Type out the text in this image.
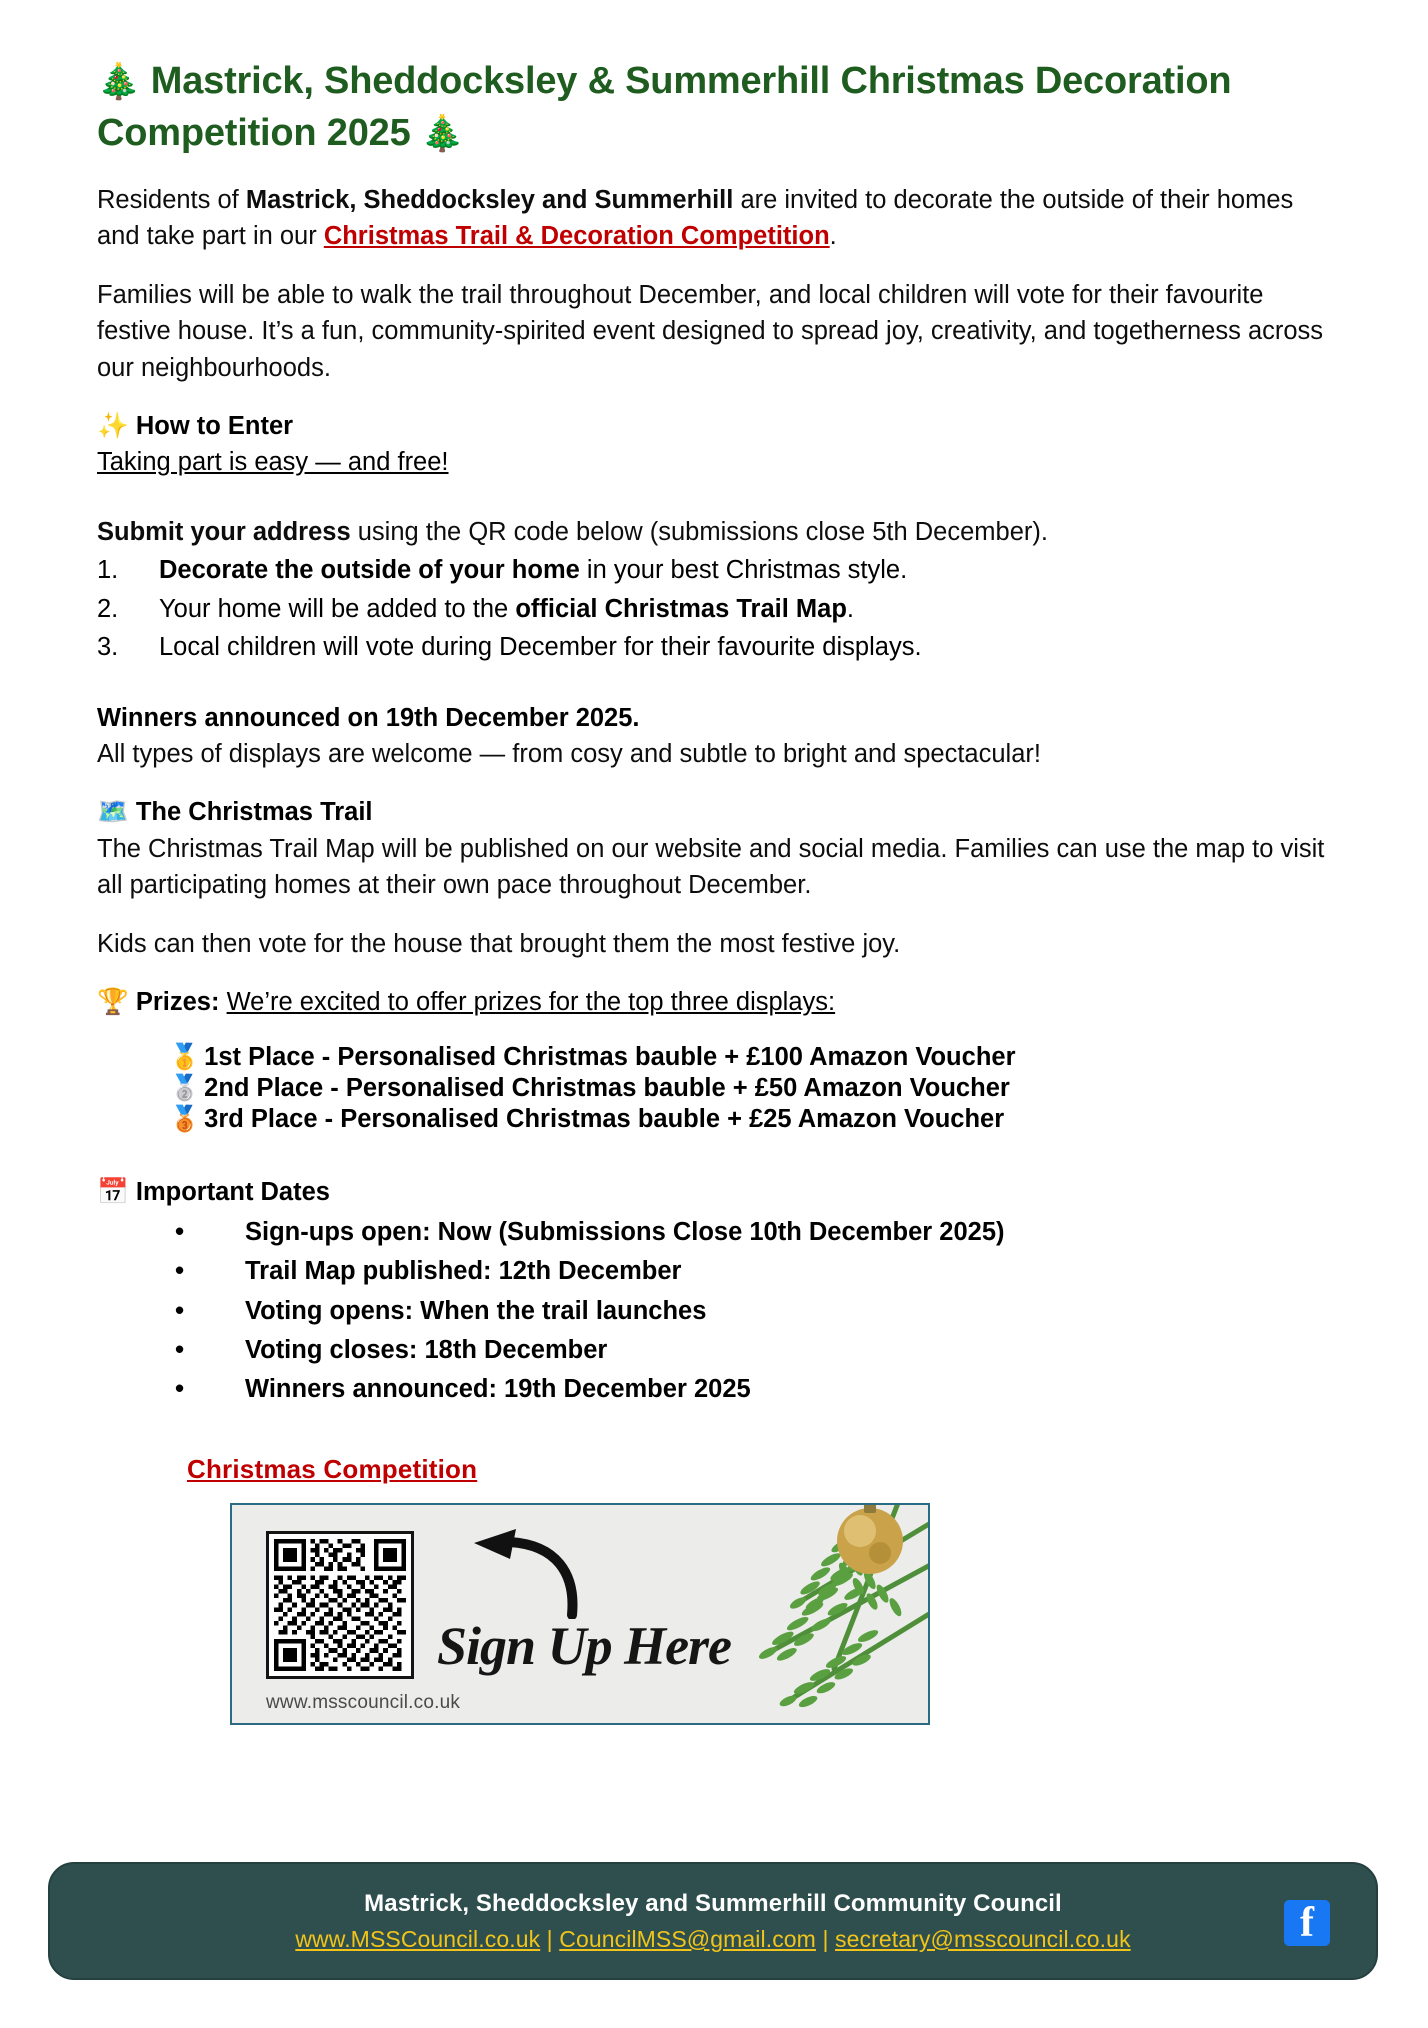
🎄 Mastrick, Sheddocksley & Summerhill Christmas Decoration Competition 2025 🎄

Residents of Mastrick, Sheddocksley and Summerhill are invited to decorate the outside of their homes and take part in our Christmas Trail & Decoration Competition.

Families will be able to walk the trail throughout December, and local children will vote for their favourite festive house. It’s a fun, community-spirited event designed to spread joy, creativity, and togetherness across our neighbourhoods.

✨ How to Enter
Taking part is easy — and free!

Submit your address using the QR code below (submissions close 5th December).

1.	Decorate the outside of your home in your best Christmas style.
2.	Your home will be added to the official Christmas Trail Map.
3.	Local children will vote during December for their favourite displays.
Winners announced on 19th December 2025.

All types of displays are welcome — from cosy and subtle to bright and spectacular!

🗺️ The Christmas Trail

The Christmas Trail Map will be published on our website and social media. Families can use the map to visit all participating homes at their own pace throughout December.

Kids can then vote for the house that brought them the most festive joy.

🏆 Prizes: We’re excited to offer prizes for the top three displays:
🥇 1st Place - Personalised Christmas bauble + £100 Amazon Voucher
🥈 2nd Place - Personalised Christmas bauble + £50 Amazon Voucher
🥉 3rd Place - Personalised Christmas bauble + £25 Amazon Voucher
📅 Important Dates
• Sign-ups open: Now (Submissions Close 10th December 2025)
• Trail Map published: 12th December
• Voting opens: When the trail launches
• Voting closes: 18th December
• Winners announced: 19th December 2025
Christmas Competition
Sign Up Here
www.msscouncil.co.uk
Mastrick, Sheddocksley and Summerhill Community Council
www.MSSCouncil.co.uk | CouncilMSS@gmail.com | secretary@msscouncil.co.uk	f
